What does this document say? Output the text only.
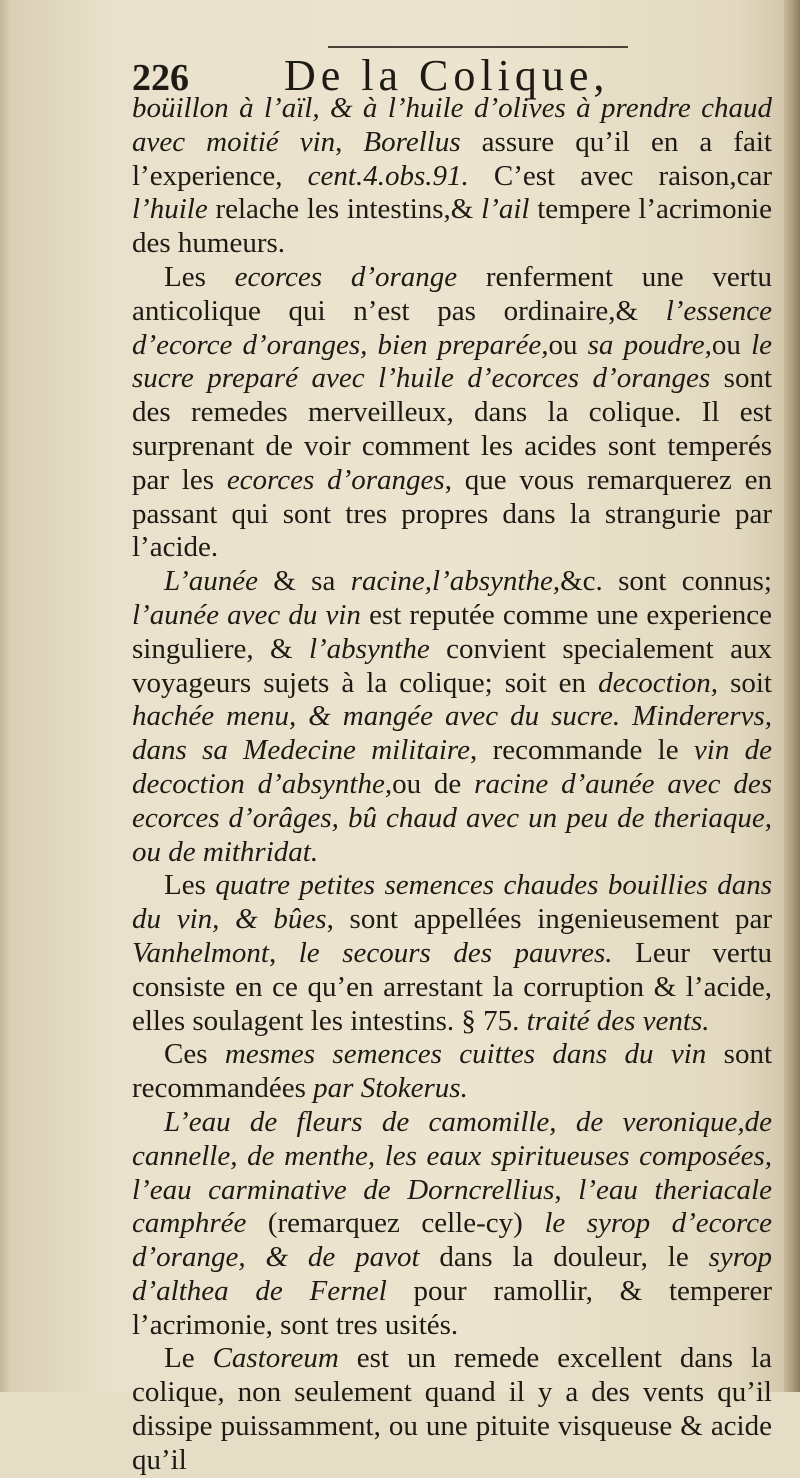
226 De la Colique,

boüillon à l’aïl, & à l’huile d’olives à prendre chaud avec moitié vin, Borellus assure qu’il en a fait l’experience, cent.4.obs.91. C’est avec raison,car l’huile relache les intestins,& l’ail tempere l’acrimonie des humeurs.

Les ecorces d’orange renferment une vertu anticolique qui n’est pas ordinaire,& l’essence d’ecorce d’oranges, bien preparée,ou sa poudre,ou le sucre preparé avec l’huile d’ecorces d’oranges sont des remedes merveilleux, dans la colique. Il est surprenant de voir comment les acides sont temperés par les ecorces d’oranges, que vous remarquerez en passant qui sont tres propres dans la strangurie par l’acide.

L’aunée & sa racine,l’absynthe,&c. sont connus; l’aunée avec du vin est reputée comme une experience singuliere, & l’absynthe convient specialement aux voyageurs sujets à la colique; soit en decoction, soit hachée menu, & mangée avec du sucre. Minderervs, dans sa Medecine militaire, recommande le vin de decoction d’absynthe,ou de racine d’aunée avec des ecorces d’orâges, bû chaud avec un peu de theriaque, ou de mithridat.

Les quatre petites semences chaudes bouillies dans du vin, & bûes, sont appellées ingenieusement par Vanhelmont, le secours des pauvres. Leur vertu consiste en ce qu’en arrestant la corruption & l’acide, elles soulagent les intestins. § 75. traité des vents.

Ces mesmes semences cuittes dans du vin sont recommandées par Stokerus.

L’eau de fleurs de camomille, de veronique,de cannelle, de menthe, les eaux spiritueuses composées, l’eau carminative de Dorncrellius, l’eau theriacale camphrée (remarquez celle-cy) le syrop d’ecorce d’orange, & de pavot dans la douleur, le syrop d’althea de Fernel pour ramollir, & temperer l’acrimonie, sont tres usités.

Le Castoreum est un remede excellent dans la colique, non seulement quand il y a des vents qu’il dissipe puissamment, ou une pituite visqueuse & acide qu’il
